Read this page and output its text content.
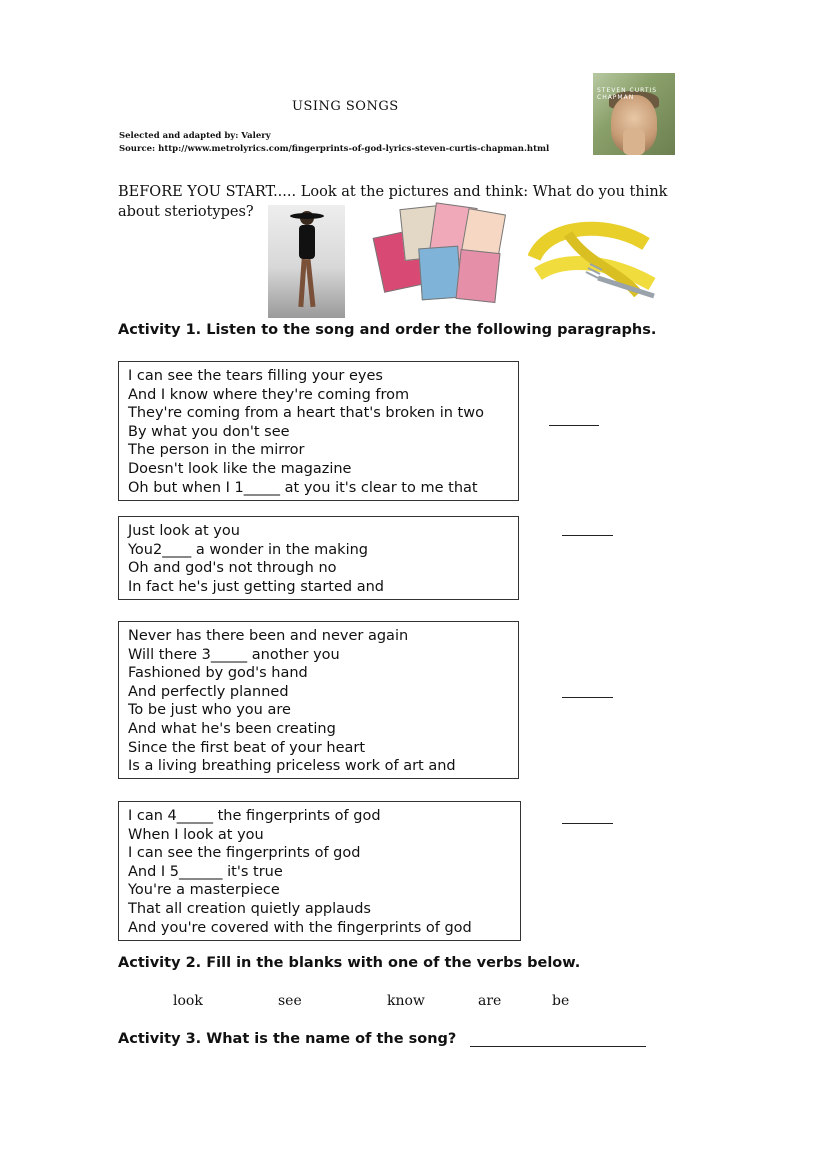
USING SONGS
Selected and adapted by: Valery
Source: http://www.metrolyrics.com/fingerprints-of-god-lyrics-steven-curtis-chapman.html
STEVEN CURTIS CHAPMAN
BEFORE YOU START..... Look at the pictures and think: What do you think about steriotypes?
Activity 1. Listen to the song and order the following paragraphs.
I can see the tears filling your eyes
And I know where they're coming from
They're coming from a heart that's broken in two
By what you don't see
The person in the mirror
Doesn't look like the magazine
Oh but when I 1_____ at you it's clear to me that
Just look at you
You2____ a wonder in the making
Oh and god's not through no
In fact he's just getting started and
Never has there been and never again
Will there 3_____ another you
Fashioned by god's hand
And perfectly planned
To be just who you are
And what he's been creating
Since the first beat of your heart
Is a living breathing priceless work of art and
I can 4_____ the fingerprints of god
When I look at you
I can see the fingerprints of god
And I 5______ it's true
You're a masterpiece
That all creation quietly applauds
And you're covered with the fingerprints of god
Activity 2. Fill in the blanks with one of the verbs below.
look	see	know	are	be
Activity 3. What is the name of the song?
